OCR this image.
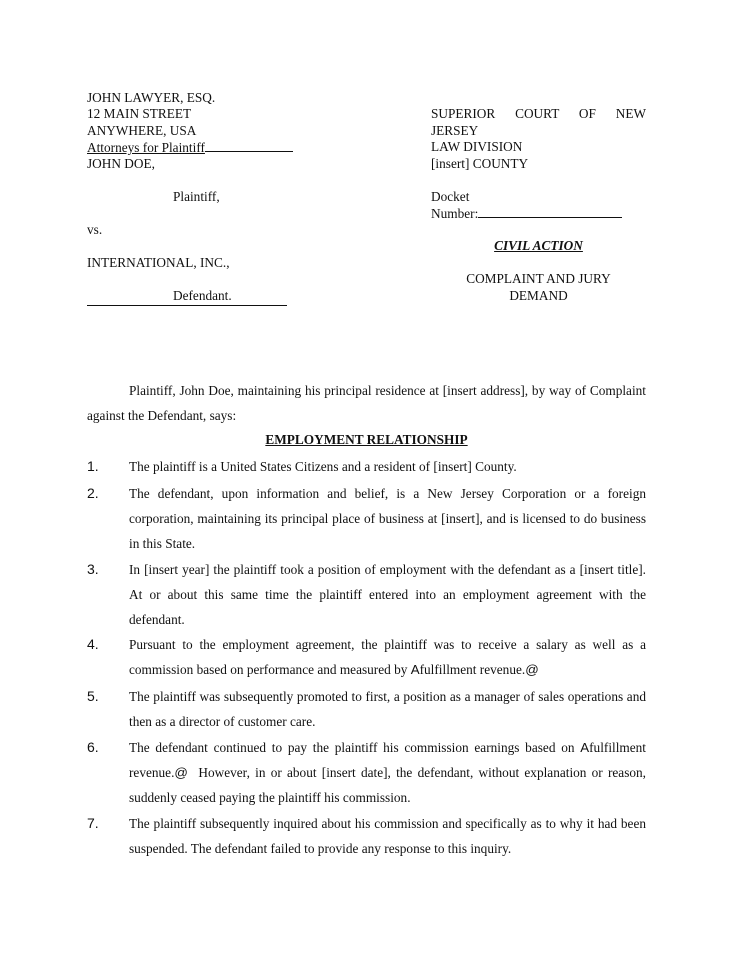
JOHN LAWYER, ESQ.
12 MAIN STREET
ANYWHERE, USA
Attorneys for Plaintiff
JOHN DOE,
Plaintiff,
vs.
INTERNATIONAL, INC.,
Defendant.
SUPERIOR COURT OF NEW
JERSEY
LAW DIVISION
[insert] COUNTY
Docket
Number:
CIVIL ACTION
COMPLAINT AND JURY
DEMAND
Plaintiff, John Doe, maintaining his principal residence at [insert address], by way of Complaint against the Defendant, says:
EMPLOYMENT RELATIONSHIP
1. The plaintiff is a United States Citizens and a resident of [insert] County.
2. The defendant, upon information and belief, is a New Jersey Corporation or a foreign corporation, maintaining its principal place of business at [insert], and is licensed to do business in this State.
3. In [insert year] the plaintiff took a position of employment with the defendant as a [insert title]. At or about this same time the plaintiff entered into an employment agreement with the defendant.
4. Pursuant to the employment agreement, the plaintiff was to receive a salary as well as a commission based on performance and measured by Afulfillment revenue.@
5. The plaintiff was subsequently promoted to first, a position as a manager of sales operations and then as a director of customer care.
6. The defendant continued to pay the plaintiff his commission earnings based on Afulfillment revenue.@  However, in or about [insert date], the defendant, without explanation or reason, suddenly ceased paying the plaintiff his commission.
7. The plaintiff subsequently inquired about his commission and specifically as to why it had been suspended. The defendant failed to provide any response to this inquiry.
